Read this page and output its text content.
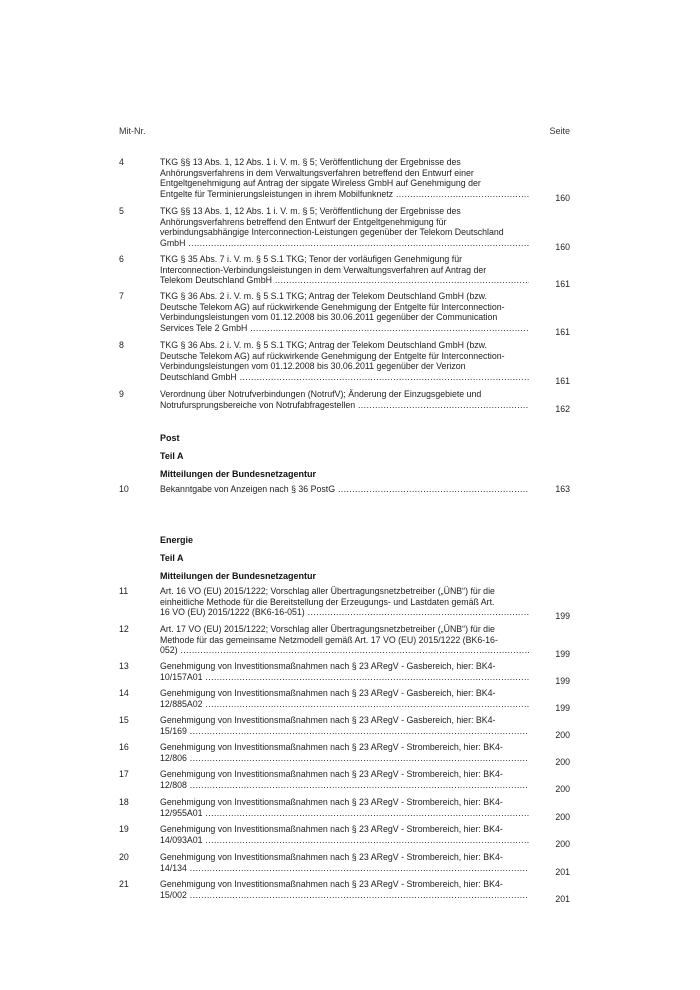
Mit-Nr.	Seite
Post
Teil A
Mitteilungen der Bundesnetzagentur
Energie
Teil A
Mitteilungen der Bundesnetzagentur
4	TKG §§ 13 Abs. 1, 12 Abs. 1 i. V. m. § 5; Veröffentlichung der Ergebnisse des
Anhörungsverfahrens in dem Verwaltungsverfahren betreffend den Entwurf einer
Entgeltgenehmigung auf Antrag der sipgate Wireless GmbH auf Genehmigung der
Entgelte für Terminierungsleistungen in ihrem Mobilfunknetz .....	160
5	TKG §§ 13 Abs. 1, 12 Abs. 1 i. V. m. § 5; Veröffentlichung der Ergebnisse des
Anhörungsverfahrens betreffend den Entwurf der Entgeltgenehmigung für
verbindungsabhängige Interconnection-Leistungen gegenüber der Telekom Deutschland
GmbH .....	160
6	TKG § 35 Abs. 7 i. V. m. § 5 S.1 TKG; Tenor der vorläufigen Genehmigung für
Interconnection-Verbindungsleistungen in dem Verwaltungsverfahren auf Antrag der
Telekom Deutschland GmbH .....	161
7	TKG § 36 Abs. 2 i. V. m. § 5 S.1 TKG; Antrag der Telekom Deutschland GmbH (bzw.
Deutsche Telekom AG) auf rückwirkende Genehmigung der Entgelte für Interconnection-
Verbindungsleistungen vom 01.12.2008 bis 30.06.2011 gegenüber der Communication
Services Tele 2 GmbH .....	161
8	TKG § 36 Abs. 2 i. V. m. § 5 S.1 TKG; Antrag der Telekom Deutschland GmbH (bzw.
Deutsche Telekom AG) auf rückwirkende Genehmigung der Entgelte für Interconnection-
Verbindungsleistungen vom 01.12.2008 bis 30.06.2011 gegenüber der Verizon
Deutschland GmbH .....	161
9	Verordnung über Notrufverbindungen (NotrufV); Änderung der Einzugsgebiete und
Notrufursprungsbereiche von Notrufabfragestellen .....	162
10	Bekanntgabe von Anzeigen nach § 36 PostG .....	163
11	Art. 16 VO (EU) 2015/1222; Vorschlag aller Übertragungsnetzbetreiber („ÜNB“) für die
einheitliche Methode für die Bereitstellung der Erzeugungs- und Lastdaten gemäß Art.
16 VO (EU) 2015/1222 (BK6-16-051) .....	199
12	Art. 17 VO (EU) 2015/1222; Vorschlag aller Übertragungsnetzbetreiber („ÜNB“) für die
Methode für das gemeinsame Netzmodell gemäß Art. 17 VO (EU) 2015/1222 (BK6-16-
052) .....	199
13	Genehmigung von Investitionsmaßnahmen nach § 23 ARegV - Gasbereich, hier: BK4-
10/157A01 .....	199
14	Genehmigung von Investitionsmaßnahmen nach § 23 ARegV - Gasbereich, hier: BK4-
12/885A02 .....	199
15	Genehmigung von Investitionsmaßnahmen nach § 23 ARegV - Gasbereich, hier: BK4-
15/169 .....	200
16	Genehmigung von Investitionsmaßnahmen nach § 23 ARegV - Strombereich, hier: BK4-
12/806 .....	200
17	Genehmigung von Investitionsmaßnahmen nach § 23 ARegV - Strombereich, hier: BK4-
12/808 .....	200
18	Genehmigung von Investitionsmaßnahmen nach § 23 ARegV - Strombereich, hier: BK4-
12/955A01 .....	200
19	Genehmigung von Investitionsmaßnahmen nach § 23 ARegV - Strombereich, hier: BK4-
14/093A01 .....	200
20	Genehmigung von Investitionsmaßnahmen nach § 23 ARegV - Strombereich, hier: BK4-
14/134 .....	201
21	Genehmigung von Investitionsmaßnahmen nach § 23 ARegV - Strombereich, hier: BK4-
15/002 .....	201
